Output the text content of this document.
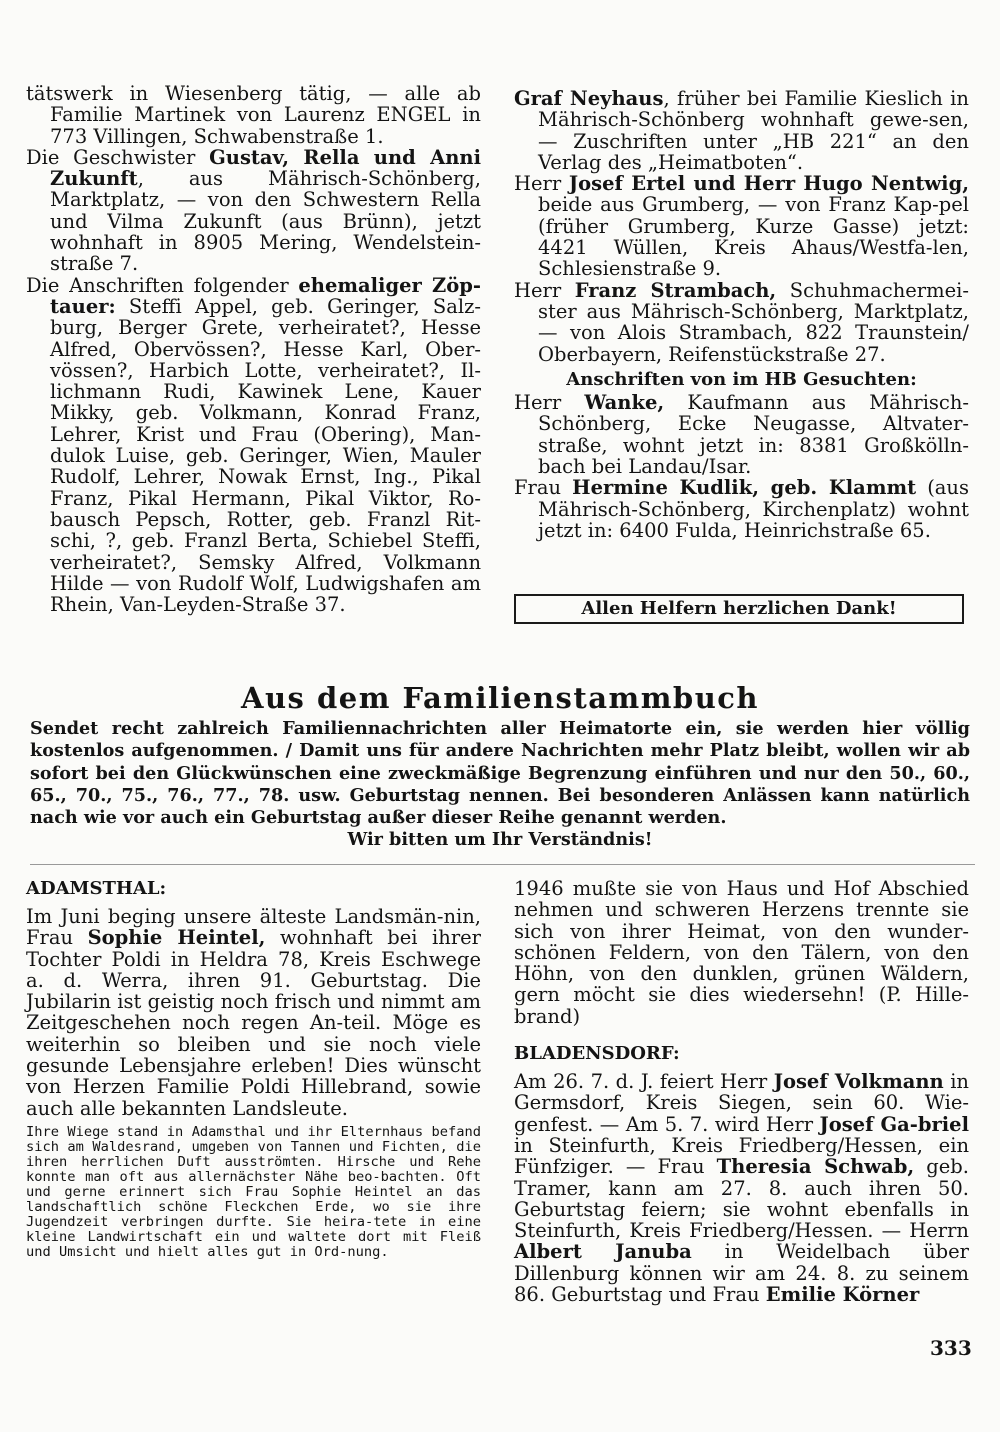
tätswerk in Wiesenberg tätig, — alle ab Familie Martinek von Laurenz ENGEL in 773 Villingen, Schwabenstraße 1.

Die Geschwister Gustav, Rella und Anni Zukunft, aus Mährisch-Schönberg, Marktplatz, — von den Schwestern Rella und Vilma Zukunft (aus Brünn), jetzt wohnhaft in 8905 Mering, Wendelstein-straße 7.

Die Anschriften folgender ehemaliger Zöp-tauer: Steffi Appel, geb. Geringer, Salz-burg, Berger Grete, verheiratet?, Hesse Alfred, Obervössen?, Hesse Karl, Ober-vössen?, Harbich Lotte, verheiratet?, Il-lichmann Rudi, Kawinek Lene, Kauer Mikky, geb. Volkmann, Konrad Franz, Lehrer, Krist und Frau (Obering), Man-dulok Luise, geb. Geringer, Wien, Mauler Rudolf, Lehrer, Nowak Ernst, Ing., Pikal Franz, Pikal Hermann, Pikal Viktor, Ro-bausch Pepsch, Rotter, geb. Franzl Rit-schi, ?, geb. Franzl Berta, Schiebel Steffi, verheiratet?, Semsky Alfred, Volkmann Hilde — von Rudolf Wolf, Ludwigshafen am Rhein, Van-Leyden-Straße 37.

Graf Neyhaus, früher bei Familie Kieslich in Mährisch-Schönberg wohnhaft gewe-sen, — Zuschriften unter „HB 221“ an den Verlag des „Heimatboten“.

Herr Josef Ertel und Herr Hugo Nentwig, beide aus Grumberg, — von Franz Kap-pel (früher Grumberg, Kurze Gasse) jetzt: 4421 Wüllen, Kreis Ahaus/Westfa-len, Schlesienstraße 9.

Herr Franz Strambach, Schuhmachermei-ster aus Mährisch-Schönberg, Marktplatz, — von Alois Strambach, 822 Traunstein/ Oberbayern, Reifenstückstraße 27.

Anschriften von im HB Gesuchten:

Herr Wanke, Kaufmann aus Mährisch-Schönberg, Ecke Neugasse, Altvater-straße, wohnt jetzt in: 8381 Großkölln-bach bei Landau/Isar.

Frau Hermine Kudlik, geb. Klammt (aus Mährisch-Schönberg, Kirchenplatz) wohnt jetzt in: 6400 Fulda, Heinrichstraße 65.

Allen Helfern herzlichen Dank!
Aus dem Familienstammbuch
Sendet recht zahlreich Familiennachrichten aller Heimatorte ein, sie werden hier völlig kostenlos aufgenommen. / Damit uns für andere Nachrichten mehr Platz bleibt, wollen wir ab sofort bei den Glückwünschen eine zweckmäßige Begrenzung einführen und nur den 50., 60., 65., 70., 75., 76., 77., 78. usw. Geburtstag nennen. Bei besonderen Anlässen kann natürlich nach wie vor auch ein Geburtstag außer dieser Reihe genannt werden.
Wir bitten um Ihr Verständnis!
ADAMSTHAL:

Im Juni beging unsere älteste Landsmän-nin, Frau Sophie Heintel, wohnhaft bei ihrer Tochter Poldi in Heldra 78, Kreis Eschwege a. d. Werra, ihren 91. Geburtstag. Die Jubilarin ist geistig noch frisch und nimmt am Zeitgeschehen noch regen An-teil. Möge es weiterhin so bleiben und sie noch viele gesunde Lebensjahre erleben! Dies wünscht von Herzen Familie Poldi Hillebrand, sowie auch alle bekannten Landsleute.

Ihre Wiege stand in Adamsthal und ihr Elternhaus befand sich am Waldesrand, umgeben von Tannen und Fichten, die ihren herrlichen Duft ausströmten. Hirsche und Rehe konnte man oft aus allernächster Nähe beo-bachten. Oft und gerne erinnert sich Frau Sophie Heintel an das landschaftlich schöne Fleckchen Erde, wo sie ihre Jugendzeit verbringen durfte. Sie heira-tete in eine kleine Landwirtschaft ein und waltete dort mit Fleiß und Umsicht und hielt alles gut in Ord-nung.

1946 mußte sie von Haus und Hof Abschied nehmen und schweren Herzens trennte sie sich von ihrer Heimat, von den wunder-schönen Feldern, von den Tälern, von den Höhn, von den dunklen, grünen Wäldern, gern möcht sie dies wiedersehn! (P. Hille-brand)

BLADENSDORF:

Am 26. 7. d. J. feiert Herr Josef Volkmann in Germsdorf, Kreis Siegen, sein 60. Wie-genfest. — Am 5. 7. wird Herr Josef Ga-briel in Steinfurth, Kreis Friedberg/Hessen, ein Fünfziger. — Frau Theresia Schwab, geb. Tramer, kann am 27. 8. auch ihren 50. Geburtstag feiern; sie wohnt ebenfalls in Steinfurth, Kreis Friedberg/Hessen. — Herrn Albert Januba in Weidelbach über Dillenburg können wir am 24. 8. zu seinem 86. Geburtstag und Frau Emilie Körner

333
